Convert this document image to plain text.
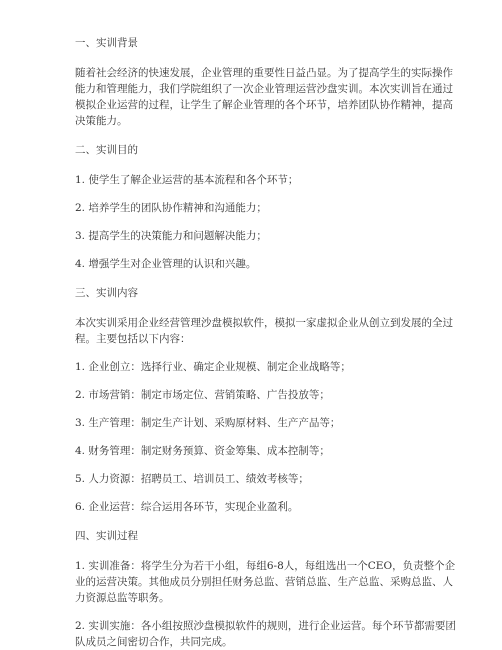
一、实训背景
随着社会经济的快速发展，企业管理的重要性日益凸显。为了提高学生的实际操作能力和管理能力，我们学院组织了一次企业管理运营沙盘实训。本次实训旨在通过模拟企业运营的过程，让学生了解企业管理的各个环节，培养团队协作精神，提高决策能力。
二、实训目的
1. 使学生了解企业运营的基本流程和各个环节；
2. 培养学生的团队协作精神和沟通能力；
3. 提高学生的决策能力和问题解决能力；
4. 增强学生对企业管理的认识和兴趣。
三、实训内容
本次实训采用企业经营管理沙盘模拟软件，模拟一家虚拟企业从创立到发展的全过程。主要包括以下内容：
1. 企业创立：选择行业、确定企业规模、制定企业战略等；
2. 市场营销：制定市场定位、营销策略、广告投放等；
3. 生产管理：制定生产计划、采购原材料、生产产品等；
4. 财务管理：制定财务预算、资金筹集、成本控制等；
5. 人力资源：招聘员工、培训员工、绩效考核等；
6. 企业运营：综合运用各环节，实现企业盈利。
四、实训过程
1. 实训准备：将学生分为若干小组，每组6-8人，每组选出一个CEO，负责整个企业的运营决策。其他成员分别担任财务总监、营销总监、生产总监、采购总监、人力资源总监等职务。
2. 实训实施：各小组按照沙盘模拟软件的规则，进行企业运营。每个环节都需要团队成员之间密切合作，共同完成。
